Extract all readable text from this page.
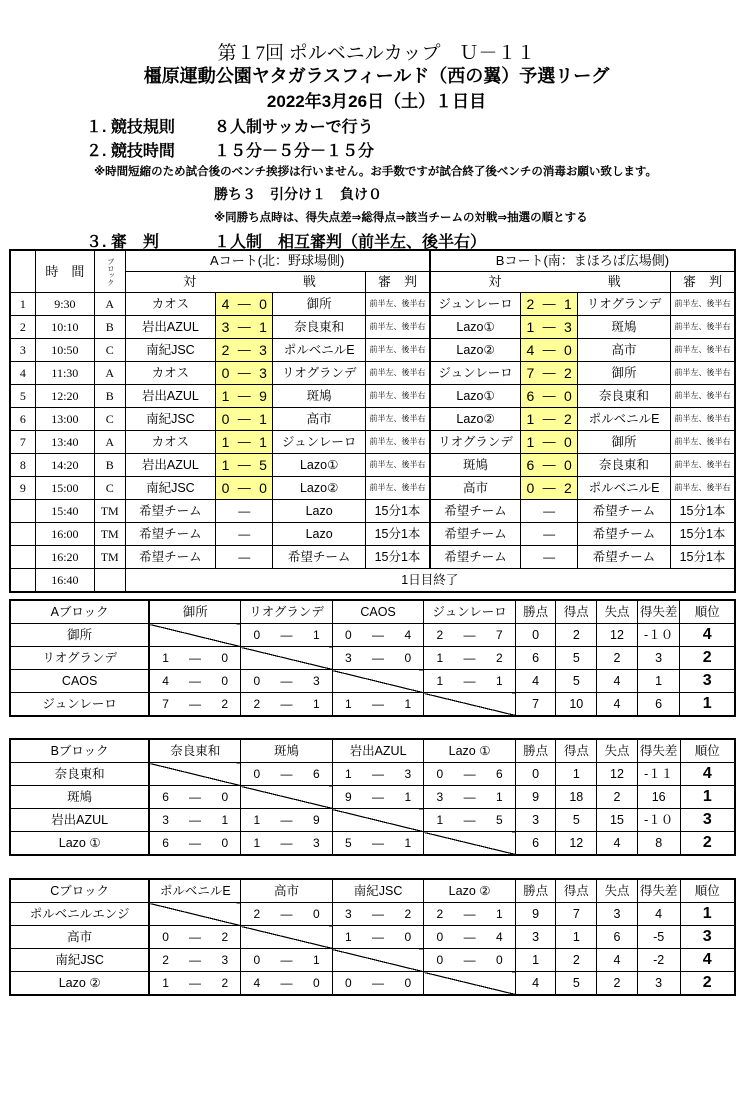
第１7回 ポルベニルカップ　Ｕ－１１
橿原運動公園ヤタガラスフィールド（西の翼）予選リーグ
2022年3月26日（土）１日目
１. 競技規則 ８人制サッカーで行う
２. 競技時間 １５分－５分－１５分
※時間短縮のため試合後のベンチ挨拶は行いません。お手数ですが試合終了後ベンチの消毒お願い致します。
勝ち３　引分け１　負け０
※同勝ち点時は、得失点差⇒総得点⇒該当チームの対戦⇒抽選の順とする
３. 審　判	１人制　相互審判（前半左、後半右）
	時　間	ブロック	Aコート(北：野球場側)						Bコート(南：まほろば広場側)					
			対			戦		審　判	対			戦		審　判
1	9:30	A	カオス	4	―	0	御所	前半左、後半右	ジュンレーロ	2	―	1	リオグランデ	前半左、後半右
2	10:10	B	岩出AZUL	3	―	1	奈良東和	前半左、後半右	Lazo①	1	―	3	斑鳩	前半左、後半右
3	10:50	C	南紀JSC	2	―	3	ポルベニルE	前半左、後半右	Lazo②	4	―	0	高市	前半左、後半右
4	11:30	A	カオス	0	―	3	リオグランデ	前半左、後半右	ジュンレーロ	7	―	2	御所	前半左、後半右
5	12:20	B	岩出AZUL	1	―	9	斑鳩	前半左、後半右	Lazo①	6	―	0	奈良東和	前半左、後半右
6	13:00	C	南紀JSC	0	―	1	高市	前半左、後半右	Lazo②	1	―	2	ポルベニルE	前半左、後半右
7	13:40	A	カオス	1	―	1	ジュンレーロ	前半左、後半右	リオグランデ	1	―	0	御所	前半左、後半右
8	14:20	B	岩出AZUL	1	―	5	Lazo①	前半左、後半右	斑鳩	6	―	0	奈良東和	前半左、後半右
9	15:00	C	南紀JSC	0	―	0	Lazo②	前半左、後半右	高市	0	―	2	ポルベニルE	前半左、後半右
	15:40	TM	希望チーム	―			Lazo	15分1本	希望チーム	―			希望チーム	15分1本
	16:00	TM	希望チーム	―			Lazo	15分1本	希望チーム	―			希望チーム	15分1本
	16:20	TM	希望チーム	―			希望チーム	15分1本	希望チーム	―			希望チーム	15分1本
	16:40		1日目終了											
Aブロック	御所			リオグランデ			CAOS			ジュンレーロ			勝点	得点	失点	得失差	順位
御所				0	―	1	0	―	4	2	―	7	0	2	12	-１０	4
リオグランデ	1	―	0				3	―	0	1	―	2	6	5	2	3	2
CAOS	4	―	0	0	―	3				1	―	1	4	5	4	1	3
ジュンレーロ	7	―	2	2	―	1	1	―	1				7	10	4	6	1
Bブロック	奈良東和			斑鳩			岩出AZUL			Lazo ①			勝点	得点	失点	得失差	順位
奈良東和				0	―	6	1	―	3	0	―	6	0	1	12	-１１	4
斑鳩	6	―	0				9	―	1	3	―	1	9	18	2	16	1
岩出AZUL	3	―	1	1	―	9				1	―	5	3	5	15	-１０	3
Lazo ①	6	―	0	1	―	3	5	―	1				6	12	4	8	2
Cブロック	ポルベニルE			高市			南紀JSC			Lazo ②			勝点	得点	失点	得失差	順位
ポルベニルエンジ				2	―	0	3	―	2	2	―	1	9	7	3	4	1
高市	0	―	2				1	―	0	0	―	4	3	1	6	-5	3
南紀JSC	2	―	3	0	―	1				0	―	0	1	2	4	-2	4
Lazo ②	1	―	2	4	―	0	0	―	0				4	5	2	3	2
